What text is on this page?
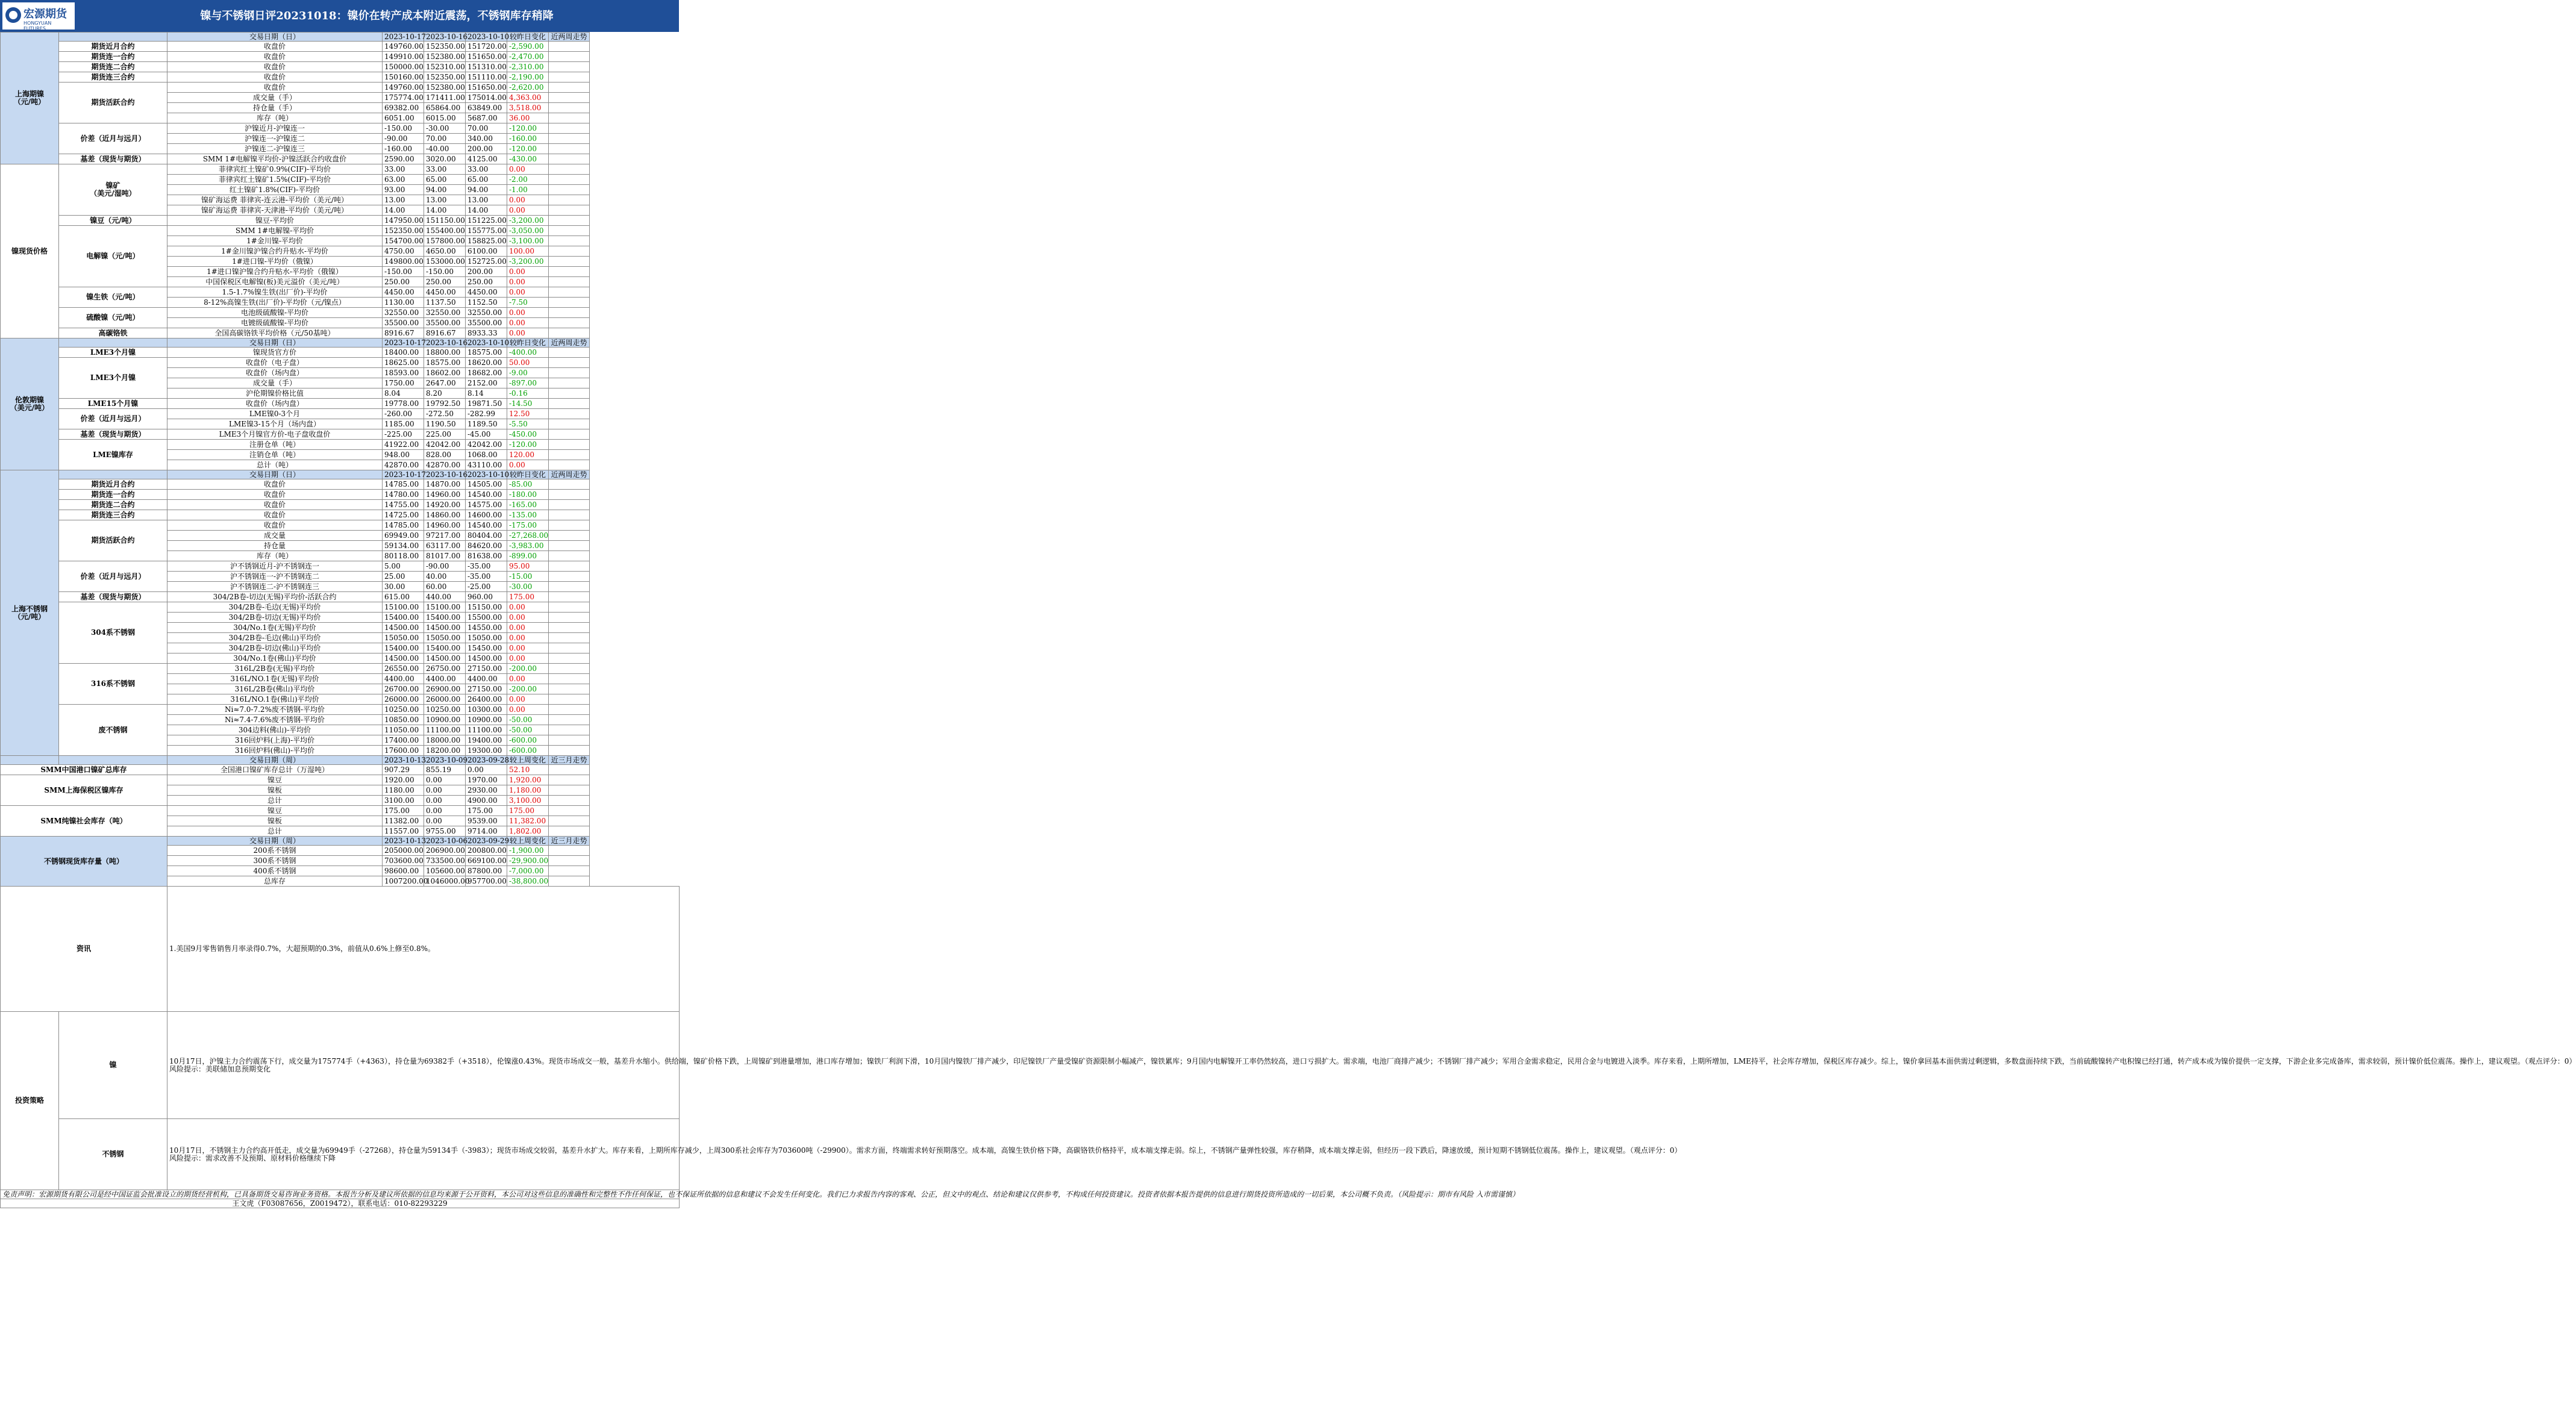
宏源期货
HONGYUAN FUTURES
镍与不锈钢日评20231018：镍价在转产成本附近震荡，不锈钢库存稍降
上海期镍
（元/吨）		交易日期（日）	2023-10-17	2023-10-16	2023-10-10	较昨日变化	近两周走势
	期货近月合约	收盘价	149760.00	152350.00	151720.00	-2,590.00	

	期货连一合约	收盘价	149910.00	152380.00	151650.00	-2,470.00	

	期货连二合约	收盘价	150000.00	152310.00	151310.00	-2,310.00	

	期货连三合约	收盘价	150160.00	152350.00	151110.00	-2,190.00	

	期货活跃合约	收盘价	149760.00	152380.00	151650.00	-2,620.00	

		成交量（手）	175774.00	171411.00	175014.00	4,363.00	

		持仓量（手）	69382.00	65864.00	63849.00	3,518.00	

		库存（吨）	6051.00	6015.00	5687.00	36.00	

	价差（近月与远月）	沪镍近月-沪镍连一	-150.00	-30.00	70.00	-120.00	

		沪镍连一-沪镍连二	-90.00	70.00	340.00	-160.00	

		沪镍连二-沪镍连三	-160.00	-40.00	200.00	-120.00	

	基差（现货与期货）	SMM 1#电解镍平均价-沪镍活跃合约收盘价	2590.00	3020.00	4125.00	-430.00	

镍现货价格	镍矿
（美元/湿吨）	菲律宾红土镍矿0.9%(CIF)-平均价	33.00	33.00	33.00	0.00	

		菲律宾红土镍矿1.5%(CIF)-平均价	63.00	65.00	65.00	-2.00	

		红土镍矿1.8%(CIF)-平均价	93.00	94.00	94.00	-1.00	

		镍矿海运费 菲律宾-连云港-平均价（美元/吨）	13.00	13.00	13.00	0.00	

		镍矿海运费 菲律宾-天津港-平均价（美元/吨）	14.00	14.00	14.00	0.00	

	镍豆（元/吨）	镍豆-平均价	147950.00	151150.00	151225.00	-3,200.00	

	电解镍（元/吨）	SMM 1#电解镍-平均价	152350.00	155400.00	155775.00	-3,050.00	

		1#金川镍-平均价	154700.00	157800.00	158825.00	-3,100.00	

		1#金川镍沪镍合约升贴水-平均价	4750.00	4650.00	6100.00	100.00	

		1#进口镍-平均价（俄镍）	149800.00	153000.00	152725.00	-3,200.00	

		1#进口镍沪镍合约升贴水-平均价（俄镍）	-150.00	-150.00	200.00	0.00	

		中国保税区电解镍(板)美元溢价（美元/吨）	250.00	250.00	250.00	0.00	

	镍生铁（元/吨）	1.5-1.7%镍生铁(出厂价)-平均价	4450.00	4450.00	4450.00	0.00	

		8-12%高镍生铁(出厂价)-平均价（元/镍点）	1130.00	1137.50	1152.50	-7.50	

	硫酸镍（元/吨）	电池级硫酸镍-平均价	32550.00	32550.00	32550.00	0.00	

		电镀级硫酸镍-平均价	35500.00	35500.00	35500.00	0.00	

	高碳铬铁	全国高碳铬铁平均价格（元/50基吨）	8916.67	8916.67	8933.33	0.00	

伦敦期镍
（美元/吨）		交易日期（日）	2023-10-17	2023-10-16	2023-10-10	较昨日变化	近两周走势
	LME3个月镍	镍现货官方价	18400.00	18800.00	18575.00	-400.00	

	LME3个月镍	收盘价（电子盘）	18625.00	18575.00	18620.00	50.00	

		收盘价（场内盘）	18593.00	18602.00	18682.00	-9.00	

		成交量（手）	1750.00	2647.00	2152.00	-897.00	

		沪伦期镍价格比值	8.04	8.20	8.14	-0.16	

	LME15个月镍	收盘价（场内盘）	19778.00	19792.50	19871.50	-14.50	

	价差（近月与远月）	LME镍0-3个月	-260.00	-272.50	-282.99	12.50	

		LME镍3-15个月（场内盘）	1185.00	1190.50	1189.50	-5.50	

	基差（现货与期货）	LME3个月镍官方价-电子盘收盘价	-225.00	225.00	-45.00	-450.00	

	LME镍库存	注册仓单（吨）	41922.00	42042.00	42042.00	-120.00	

		注销仓单（吨）	948.00	828.00	1068.00	120.00	

		总计（吨）	42870.00	42870.00	43110.00	0.00	

上海不锈钢
（元/吨）		交易日期（日）	2023-10-17	2023-10-16	2023-10-10	较昨日变化	近两周走势
	期货近月合约	收盘价	14785.00	14870.00	14505.00	-85.00	

	期货连一合约	收盘价	14780.00	14960.00	14540.00	-180.00	

	期货连二合约	收盘价	14755.00	14920.00	14575.00	-165.00	

	期货连三合约	收盘价	14725.00	14860.00	14600.00	-135.00	

	期货活跃合约	收盘价	14785.00	14960.00	14540.00	-175.00	

		成交量	69949.00	97217.00	80404.00	-27,268.00	

		持仓量	59134.00	63117.00	84620.00	-3,983.00	

		库存（吨）	80118.00	81017.00	81638.00	-899.00	

	价差（近月与远月）	沪不锈钢近月-沪不锈钢连一	5.00	-90.00	-35.00	95.00	

		沪不锈钢连一-沪不锈钢连二	25.00	40.00	-35.00	-15.00	

		沪不锈钢连二-沪不锈钢连三	30.00	60.00	-25.00	-30.00	

	基差（现货与期货）	304/2B卷-切边(无锡)平均价-活跃合约	615.00	440.00	960.00	175.00	

	304系不锈钢	304/2B卷-毛边(无锡)平均价	15100.00	15100.00	15150.00	0.00	

		304/2B卷-切边(无锡)平均价	15400.00	15400.00	15500.00	0.00	

		304/No.1卷(无锡)平均价	14500.00	14500.00	14550.00	0.00	

		304/2B卷-毛边(佛山)平均价	15050.00	15050.00	15050.00	0.00	

		304/2B卷-切边(佛山)平均价	15400.00	15400.00	15450.00	0.00	

		304/No.1卷(佛山)平均价	14500.00	14500.00	14500.00	0.00	

	316系不锈钢	316L/2B卷(无锡)平均价	26550.00	26750.00	27150.00	-200.00	

		316L/NO.1卷(无锡)平均价	4400.00	4400.00	4400.00	0.00	

		316L/2B卷(佛山)平均价	26700.00	26900.00	27150.00	-200.00	

		316L/NO.1卷(佛山)平均价	26000.00	26000.00	26400.00	0.00	

	废不锈钢	Ni≈7.0-7.2%废不锈钢-平均价	10250.00	10250.00	10300.00	0.00	

		Ni≈7.4-7.6%废不锈钢-平均价	10850.00	10900.00	10900.00	-50.00	

		304边料(佛山)-平均价	11050.00	11100.00	11100.00	-50.00	

		316回炉料(上海)-平均价	17400.00	18000.00	19400.00	-600.00	

		316回炉料(佛山)-平均价	17600.00	18200.00	19300.00	-600.00	

		交易日期（周）	2023-10-13	2023-10-09	2023-09-28	较上周变化	近三月走势
SMM中国港口镍矿总库存		全国港口镍矿库存总计（万湿吨）	907.29	855.19	0.00	52.10	

SMM上海保税区镍库存		镍豆	1920.00	0.00	1970.00	1,920.00	

		镍板	1180.00	0.00	2930.00	1,180.00	

		总计	3100.00	0.00	4900.00	3,100.00	

SMM纯镍社会库存（吨）		镍豆	175.00	0.00	175.00	175.00	

		镍板	11382.00	0.00	9539.00	11,382.00	

		总计	11557.00	9755.00	9714.00	1,802.00	

不锈钢现货库存量（吨）		交易日期（周）	2023-10-13	2023-10-06	2023-09-29	较上周变化	近三月走势
		200系不锈钢	205000.00	206900.00	200800.00	-1,900.00	

		300系不锈钢	703600.00	733500.00	669100.00	-29,900.00	

		400系不锈钢	98600.00	105600.00	87800.00	-7,000.00	

		总库存	1007200.00	1046000.00	957700.00	-38,800.00	

资讯		1.美国9月零售销售月率录得0.7%，大超预期的0.3%，前值从0.6%上修至0.8%。					
投资策略	镍	10月17日，沪镍主力合约震荡下行，成交量为175774手（+4363），持仓量为69382手（+3518），伦镍涨0.43%。现货市场成交一般，基差升水缩小。供给端，镍矿价格下跌，上周镍矿到港量增加，港口库存增加；镍铁厂利润下滑，10月国内镍铁厂排产减少，印尼镍铁厂产量受镍矿资源限制小幅减产，镍铁累库；9月国内电解镍开工率仍然较高，进口亏损扩大。需求端，电池厂商排产减少；不锈钢厂排产减少；军用合金需求稳定，民用合金与电镀进入淡季。库存来看，上期所增加，LME持平，社会库存增加，保税区库存减少。综上，镍价拿回基本面供需过剩逻辑，多数盘面持续下跌，当前硫酸镍转产电积镍已经打通，转产成本或为镍价提供一定支撑，下游企业多完成备库，需求较弱，预计镍价低位震荡。操作上，建议观望。（观点评分：0）
风险提示：美联储加息预期变化					

	不锈钢	10月17日，不锈钢主力合约高开低走，成交量为69949手（-27268），持仓量为59134手（-3983）；现货市场成交较弱，基差升水扩大。库存来看，上期所库存减少，上周300系社会库存为703600吨（-29900）。需求方面，终端需求转好预期落空。成本端，高镍生铁价格下降，高碳铬铁价格持平，成本端支撑走弱。综上，不锈钢产量弹性较强，库存稍降，成本端支撑走弱，但经历一段下跌后，降速放缓，预计短期不锈钢低位震荡。操作上，建议观望。（观点评分：0）
风险提示：需求改善不及预期、原材料价格继续下降					

免责声明：宏源期货有限公司是经中国证监会批准设立的期货经营机构，已具备期货交易咨询业务资格。本报告分析及建议所依据的信息均来源于公开资料，本公司对这些信息的准确性和完整性不作任何保证，也不保证所依据的信息和建议不会发生任何变化。我们已力求报告内容的客观、公正，但文中的观点、结论和建议仅供参考，不构成任何投资建议。投资者依据本报告提供的信息进行期货投资所造成的一切后果，本公司概不负责。（风险提示：期市有风险 入市需谨慎）							
王文虎（F03087656，Z0019472），联系电话：010-82293229							
